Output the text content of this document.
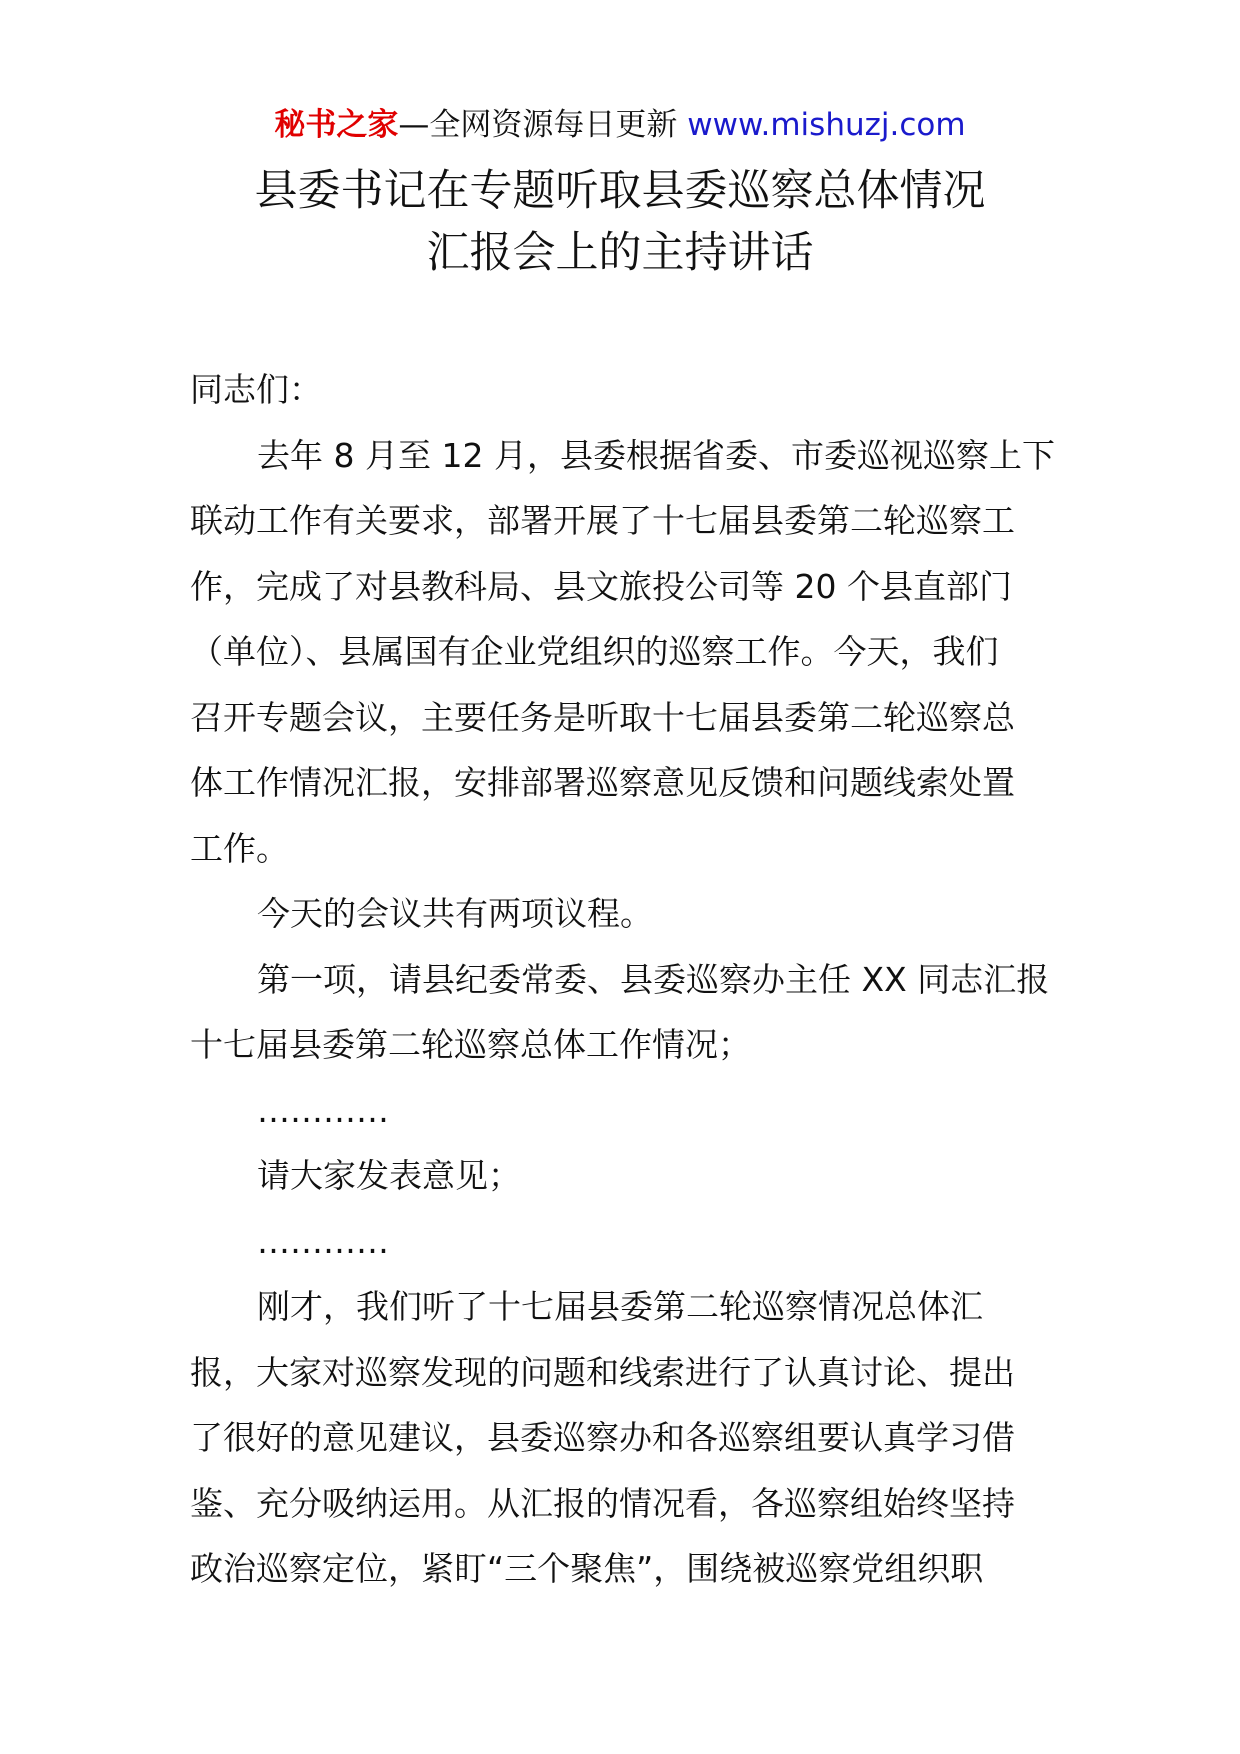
秘书之家—全网资源每日更新 www.mishuzj.com
县委书记在专题听取县委巡察总体情况
汇报会上的主持讲话

同志们：

去年 8 月至 12 月，县委根据省委、市委巡视巡察上下

联动工作有关要求，部署开展了十七届县委第二轮巡察工

作，完成了对县教科局、县文旅投公司等 20 个县直部门

（单位）、县属国有企业党组织的巡察工作。今天，我们

召开专题会议，主要任务是听取十七届县委第二轮巡察总

体工作情况汇报，安排部署巡察意见反馈和问题线索处置

工作。

今天的会议共有两项议程。

第一项，请县纪委常委、县委巡察办主任 XX 同志汇报

十七届县委第二轮巡察总体工作情况；

…………

请大家发表意见；

…………

刚才，我们听了十七届县委第二轮巡察情况总体汇

报，大家对巡察发现的问题和线索进行了认真讨论、提出

了很好的意见建议，县委巡察办和各巡察组要认真学习借

鉴、充分吸纳运用。从汇报的情况看，各巡察组始终坚持

政治巡察定位，紧盯“三个聚焦”，围绕被巡察党组织职
